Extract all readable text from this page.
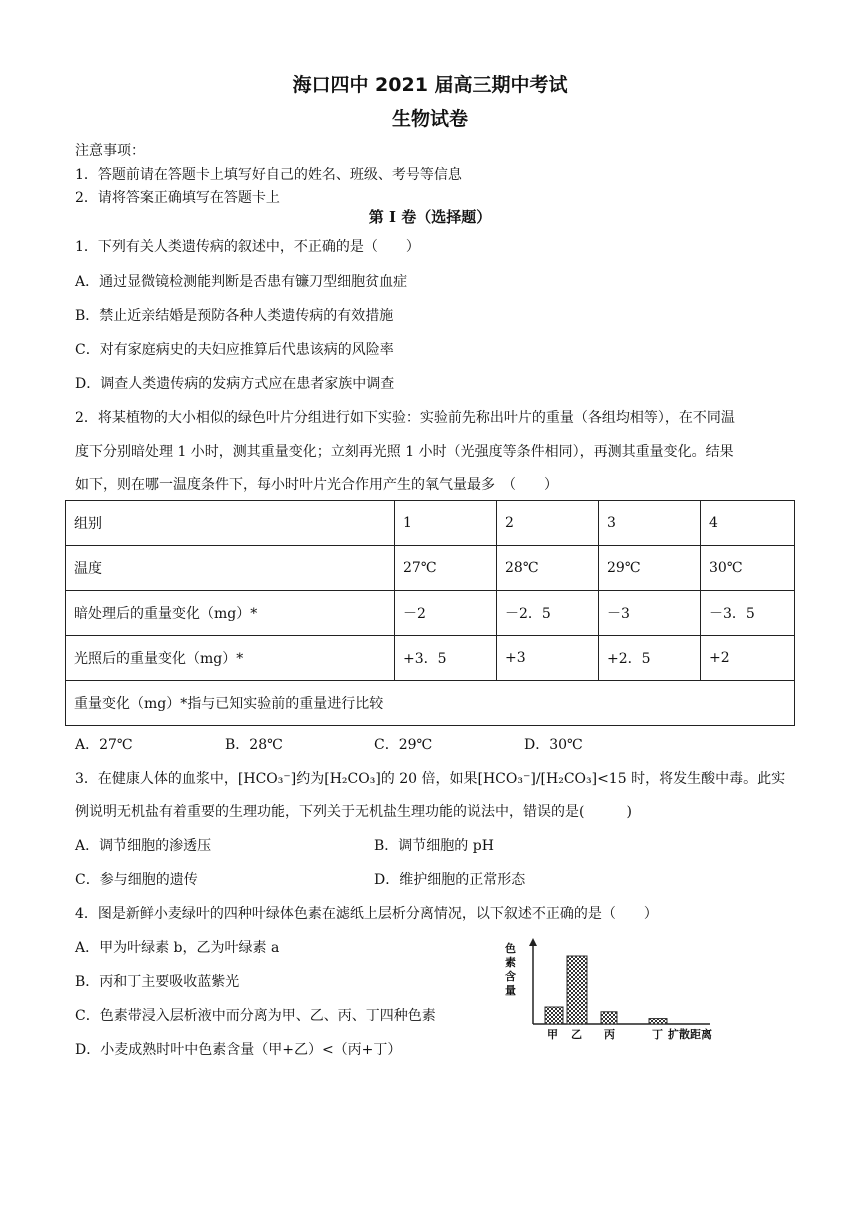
海口四中 2021 届高三期中考试
生物试卷
注意事项：
1．答题前请在答题卡上填写好自己的姓名、班级、考号等信息
2．请将答案正确填写在答题卡上
第 I 卷（选择题）
1．下列有关人类遗传病的叙述中，不正确的是（　　）
A．通过显微镜检测能判断是否患有镰刀型细胞贫血症
B．禁止近亲结婚是预防各种人类遗传病的有效措施
C．对有家庭病史的夫妇应推算后代患该病的风险率
D．调查人类遗传病的发病方式应在患者家族中调查
2．将某植物的大小相似的绿色叶片分组进行如下实验：实验前先称出叶片的重量（各组均相等），在不同温
度下分别暗处理 1 小时，测其重量变化；立刻再光照 1 小时（光强度等条件相同），再测其重量变化。结果
如下，则在哪一温度条件下，每小时叶片光合作用产生的氧气量最多　（　　）
组别	1	2	3	4
温度	27℃	28℃	29℃	30℃
暗处理后的重量变化（mg）*	－2	－2．5	－3	－3．5
光照后的重量变化（mg）*	+3．5	+3	+2．5	+2
重量变化（mg）*指与已知实验前的重量进行比较				
A．27℃	B．28℃	C．29℃	D．30℃
3．在健康人体的血浆中，[HCO₃⁻]约为[H₂CO₃]的 20 倍，如果[HCO₃⁻]/[H₂CO₃]<15 时，将发生酸中毒。此实
例说明无机盐有着重要的生理功能，下列关于无机盐生理功能的说法中，错误的是(　　　)
A．调节细胞的渗透压	B．调节细胞的 pH
C．参与细胞的遗传	D．维护细胞的正常形态
4．图是新鲜小麦绿叶的四种叶绿体色素在滤纸上层析分离情况，以下叙述不正确的是（　　）
A．甲为叶绿素 b，乙为叶绿素 a
B．丙和丁主要吸收蓝紫光
C．色素带浸入层析液中而分离为甲、乙、丙、丁四种色素
D．小麦成熟时叶中色素含量（甲+乙）<（丙+丁）
色素含量
甲 乙 丙	丁 扩散距离
